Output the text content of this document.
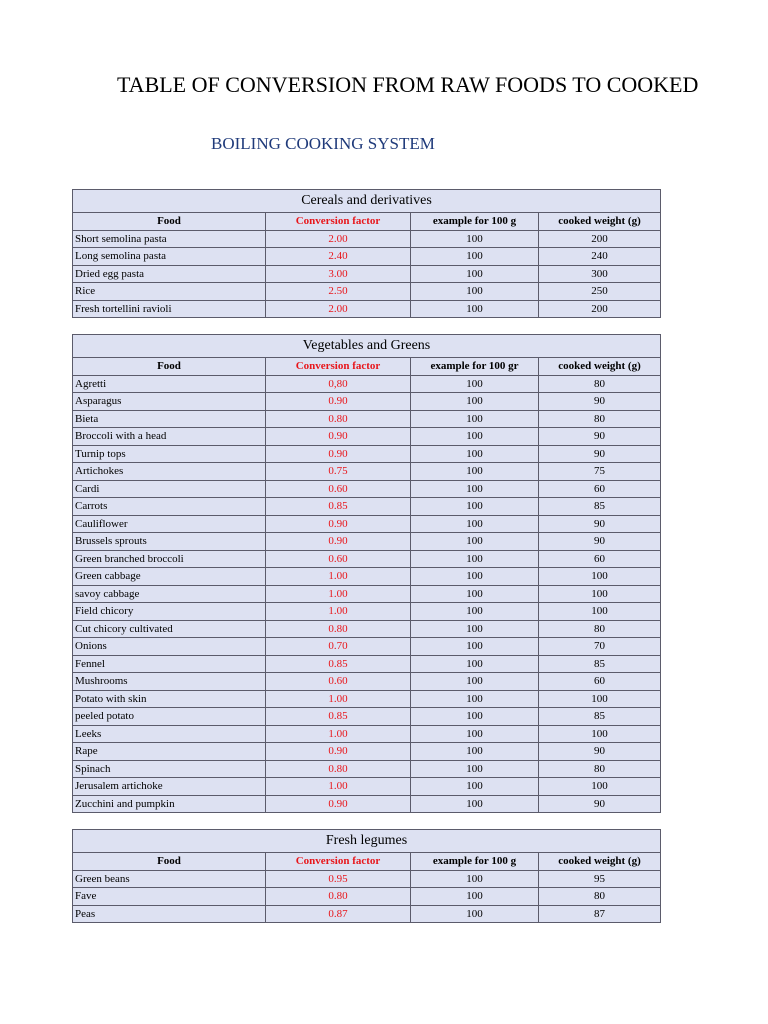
TABLE OF CONVERSION FROM RAW FOODS TO COOKED
BOILING COOKING SYSTEM
Cereals and derivatives			
Food	Conversion factor	example for 100 g	cooked weight (g)
Short semolina pasta	2.00	100	200
Long semolina pasta	2.40	100	240
Dried egg pasta	3.00	100	300
Rice	2.50	100	250
Fresh tortellini ravioli	2.00	100	200
Vegetables and Greens			
Food	Conversion factor	example for 100 gr	cooked weight (g)
Agretti	0,80	100	80
Asparagus	0.90	100	90
Bieta	0.80	100	80
Broccoli with a head	0.90	100	90
Turnip tops	0.90	100	90
Artichokes	0.75	100	75
Cardi	0.60	100	60
Carrots	0.85	100	85
Cauliflower	0.90	100	90
Brussels sprouts	0.90	100	90
Green branched broccoli	0.60	100	60
Green cabbage	1.00	100	100
savoy cabbage	1.00	100	100
Field chicory	1.00	100	100
Cut chicory cultivated	0.80	100	80
Onions	0.70	100	70
Fennel	0.85	100	85
Mushrooms	0.60	100	60
Potato with skin	1.00	100	100
peeled potato	0.85	100	85
Leeks	1.00	100	100
Rape	0.90	100	90
Spinach	0.80	100	80
Jerusalem artichoke	1.00	100	100
Zucchini and pumpkin	0.90	100	90
Fresh legumes			
Food	Conversion factor	example for 100 g	cooked weight (g)
Green beans	0.95	100	95
Fave	0.80	100	80
Peas	0.87	100	87
